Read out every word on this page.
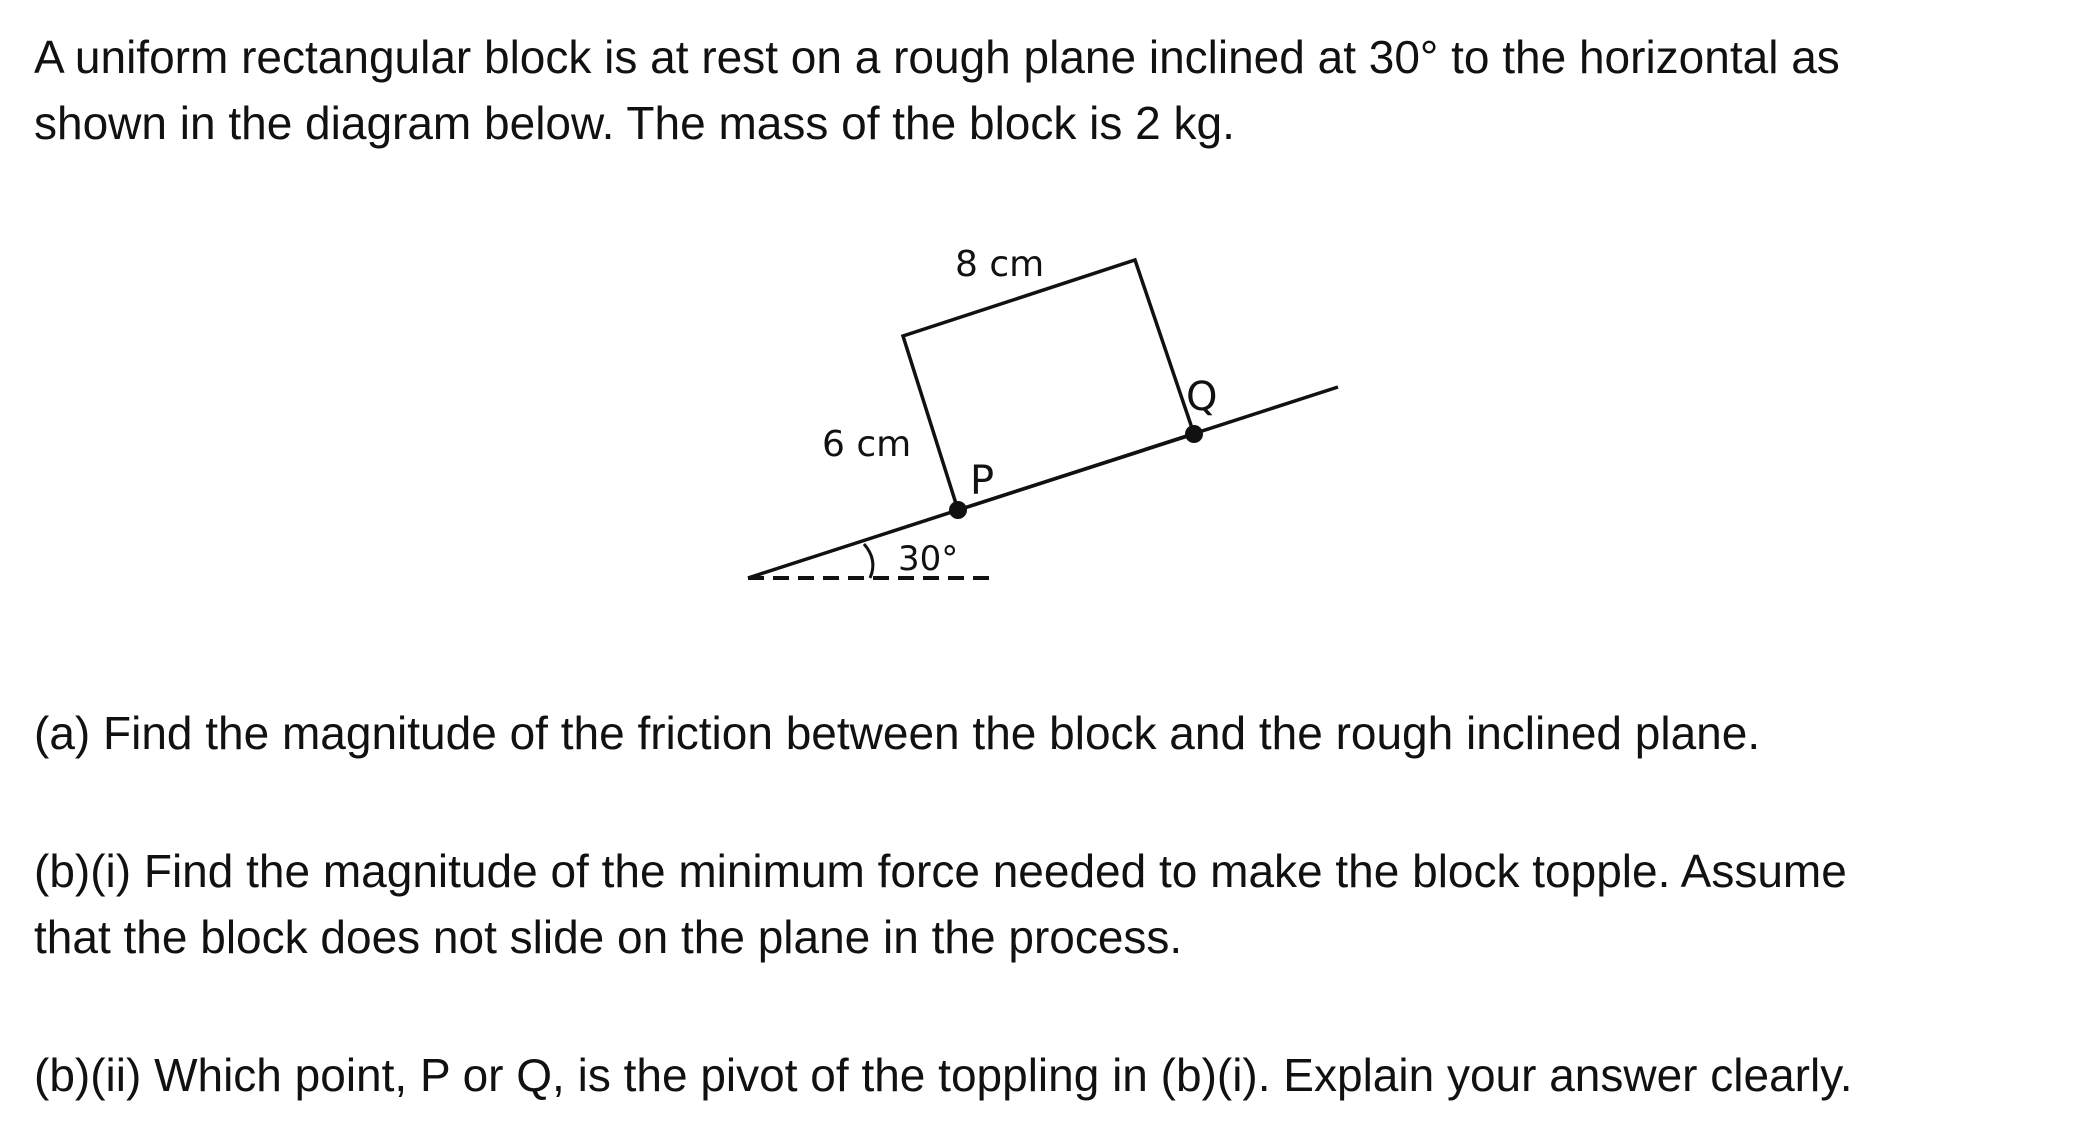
A uniform rectangular block is at rest on a rough plane inclined at 30° to the horizontal as
shown in the diagram below. The mass of the block is 2 kg.

8 cm
6 cm
30°
P
Q

(a) Find the magnitude of the friction between the block and the rough inclined plane.

(b)(i) Find the magnitude of the minimum force needed to make the block topple. Assume
that the block does not slide on the plane in the process.

(b)(ii) Which point, P or Q, is the pivot of the toppling in (b)(i). Explain your answer clearly.
